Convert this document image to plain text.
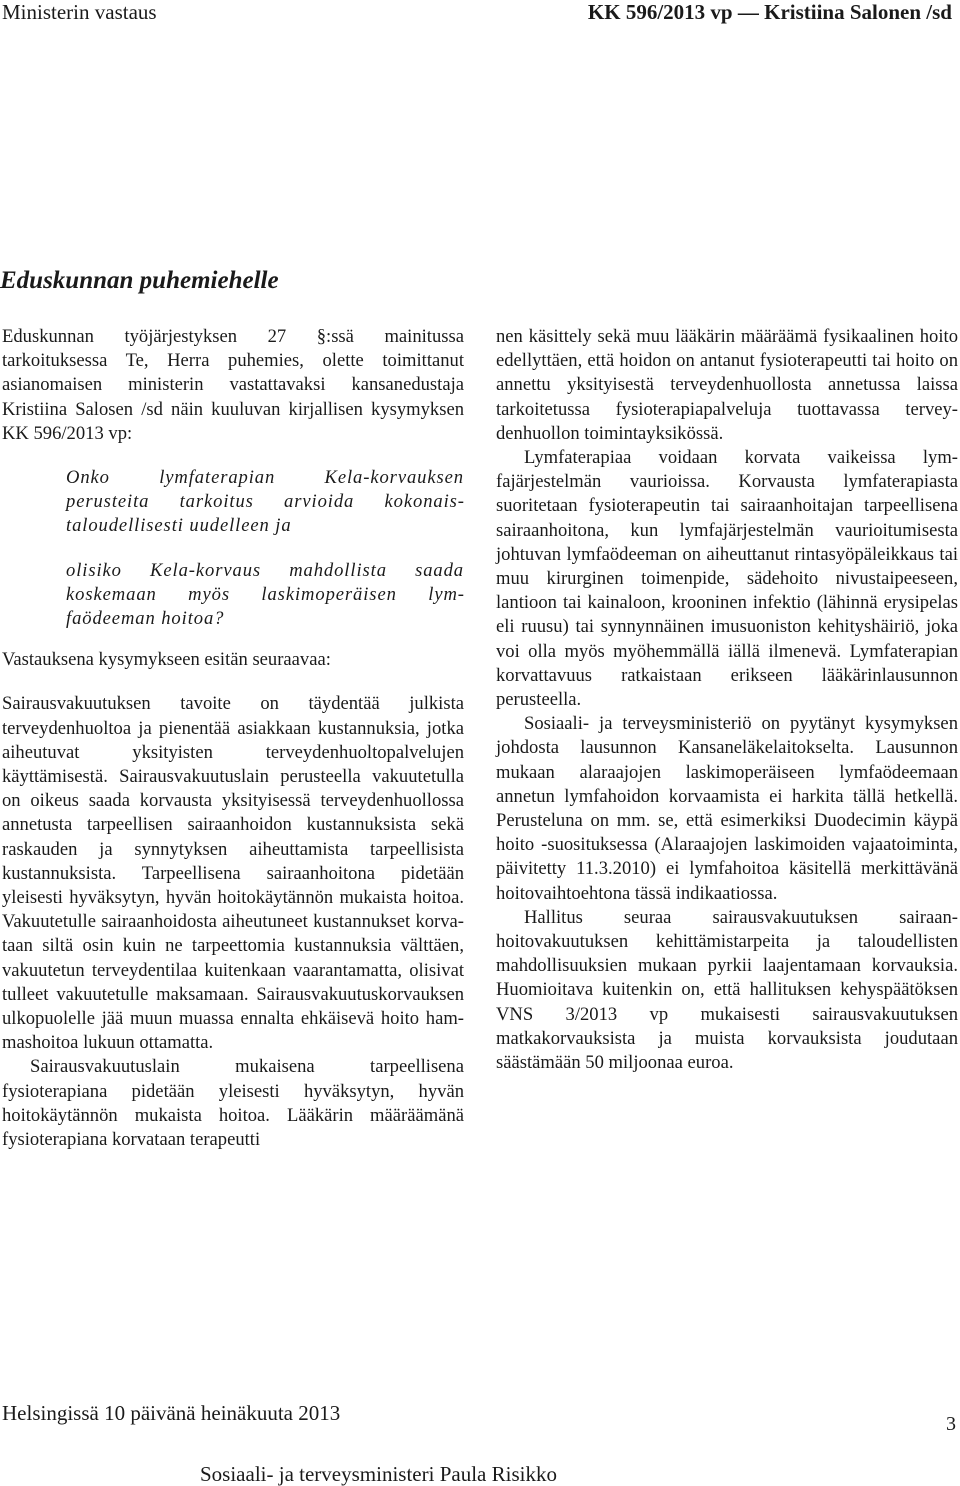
Ministerin vastaus	KK 596/2013 vp — Kristiina Salonen /sd
Eduskunnan puhemiehelle

Eduskunnan työjärjestyksen 27 §:ssä mainitussa tarkoituksessa Te, Herra puhemies, olette toimittanut asianomaisen ministerin vastattavaksi kansanedustaja Kristiina Salosen /sd näin kuuluvan kirjallisen kysymyksen KK 596/2013 vp:

Onko lymfaterapian Kela-korvauksen perusteita tarkoitus arvioida kokonaistaloudellisesti uudelleen ja

olisiko Kela-korvaus mahdollista saada koskemaan myös laskimoperäisen lymfaödeeman hoitoa?

Vastauksena kysymykseen esitän seuraavaa:

Sairausvakuutuksen tavoite on täydentää julkista terveydenhuoltoa ja pienentää asiakkaan kustannuksia, jotka aiheutuvat yksityisten terveydenhuoltopalvelujen käyttämisestä. Sairausvakuutuslain perusteella vakuutetulla on oikeus saada korvausta yksityisessä terveydenhuollossa annetusta tarpeellisen sairaanhoidon kustannuksista sekä raskauden ja synnytyksen aiheuttamista tarpeellisista kustannuksista. Tarpeellisena sairaanhoitona pidetään yleisesti hyväksytyn, hyvän hoitokäytännön mukaista hoitoa. Vakuutetulle sairaanhoidosta aiheutuneet kustannukset korvataan siltä osin kuin ne tarpeettomia kustannuksia välttäen, vakuutetun terveydentilaa kuitenkaan vaarantamatta, olisivat tulleet vakuutetulle maksamaan. Sairausvakuutuskorvauksen ulkopuolelle jää muun muassa ennalta ehkäisevä hoito hammashoitoa lukuun ottamatta.

Sairausvakuutuslain mukaisena tarpeellisena fysioterapiana pidetään yleisesti hyväksytyn, hyvän hoitokäytännön mukaista hoitoa. Lääkärin määräämänä fysioterapiana korvataan terapeutti

nen käsittely sekä muu lääkärin määräämä fysikaalinen hoito edellyttäen, että hoidon on antanut fysioterapeutti tai hoito on annettu yksityisestä terveydenhuollosta annetussa laissa tarkoitetussa fysioterapiapalveluja tuottavassa terveydenhuollon toimintayksikössä.

Lymfaterapiaa voidaan korvata vaikeissa lymfajärjestelmän vaurioissa. Korvausta lymfaterapiasta suoritetaan fysioterapeutin tai sairaanhoitajan tarpeellisena sairaanhoitona, kun lymfajärjestelmän vaurioitumisesta johtuvan lymfaödeeman on aiheuttanut rintasyöpäleikkaus tai muu kirurginen toimenpide, sädehoito nivustaipeeseen, lantioon tai kainaloon, krooninen infektio (lähinnä erysipelas eli ruusu) tai synnynnäinen imusuoniston kehityshäiriö, joka voi olla myös myöhemmällä iällä ilmenevä. Lymfaterapian korvattavuus ratkaistaan erikseen lääkärinlausunnon perusteella.

Sosiaali- ja terveysministeriö on pyytänyt kysymyksen johdosta lausunnon Kansaneläkelaitokselta. Lausunnon mukaan alaraajojen laskimoperäiseen lymfaödeemaan annetun lymfahoidon korvaamista ei harkita tällä hetkellä. Perusteluna on mm. se, että esimerkiksi Duodecimin käypä hoito -suosituksessa (Alaraajojen laskimoiden vajaatoiminta, päivitetty 11.3.2010) ei lymfahoitoa käsitellä merkittävänä hoitovaihtoehtona tässä indikaatiossa.

Hallitus seuraa sairausvakuutuksen sairaanhoitovakuutuksen kehittämistarpeita ja taloudellisten mahdollisuuksien mukaan pyrkii laajentamaan korvauksia. Huomioitava kuitenkin on, että hallituksen kehyspäätöksen VNS 3/2013 vp mukaisesti sairausvakuutuksen matkakorvauksista ja muista korvauksista joudutaan säästämään 50 miljoonaa euroa.

Helsingissä 10 päivänä heinäkuuta 2013	3
Sosiaali- ja terveysministeri Paula Risikko
